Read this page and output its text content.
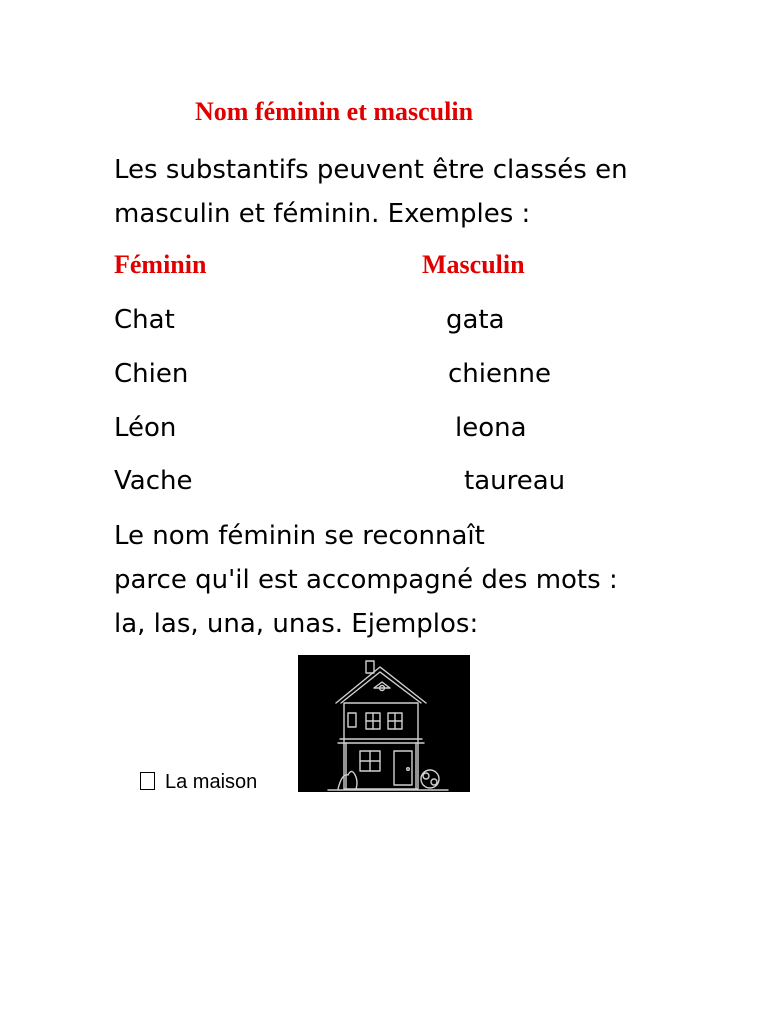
Nom féminin et masculin
Les substantifs peuvent être classés en
masculin et féminin. Exemples :
Féminin	Masculin
Chat	gata
Chien	chienne
Léon	leona
Vache	taureau
Le nom féminin se reconnaît
parce qu'il est accompagné des mots :
la, las, una, unas. Ejemplos:
La maison
